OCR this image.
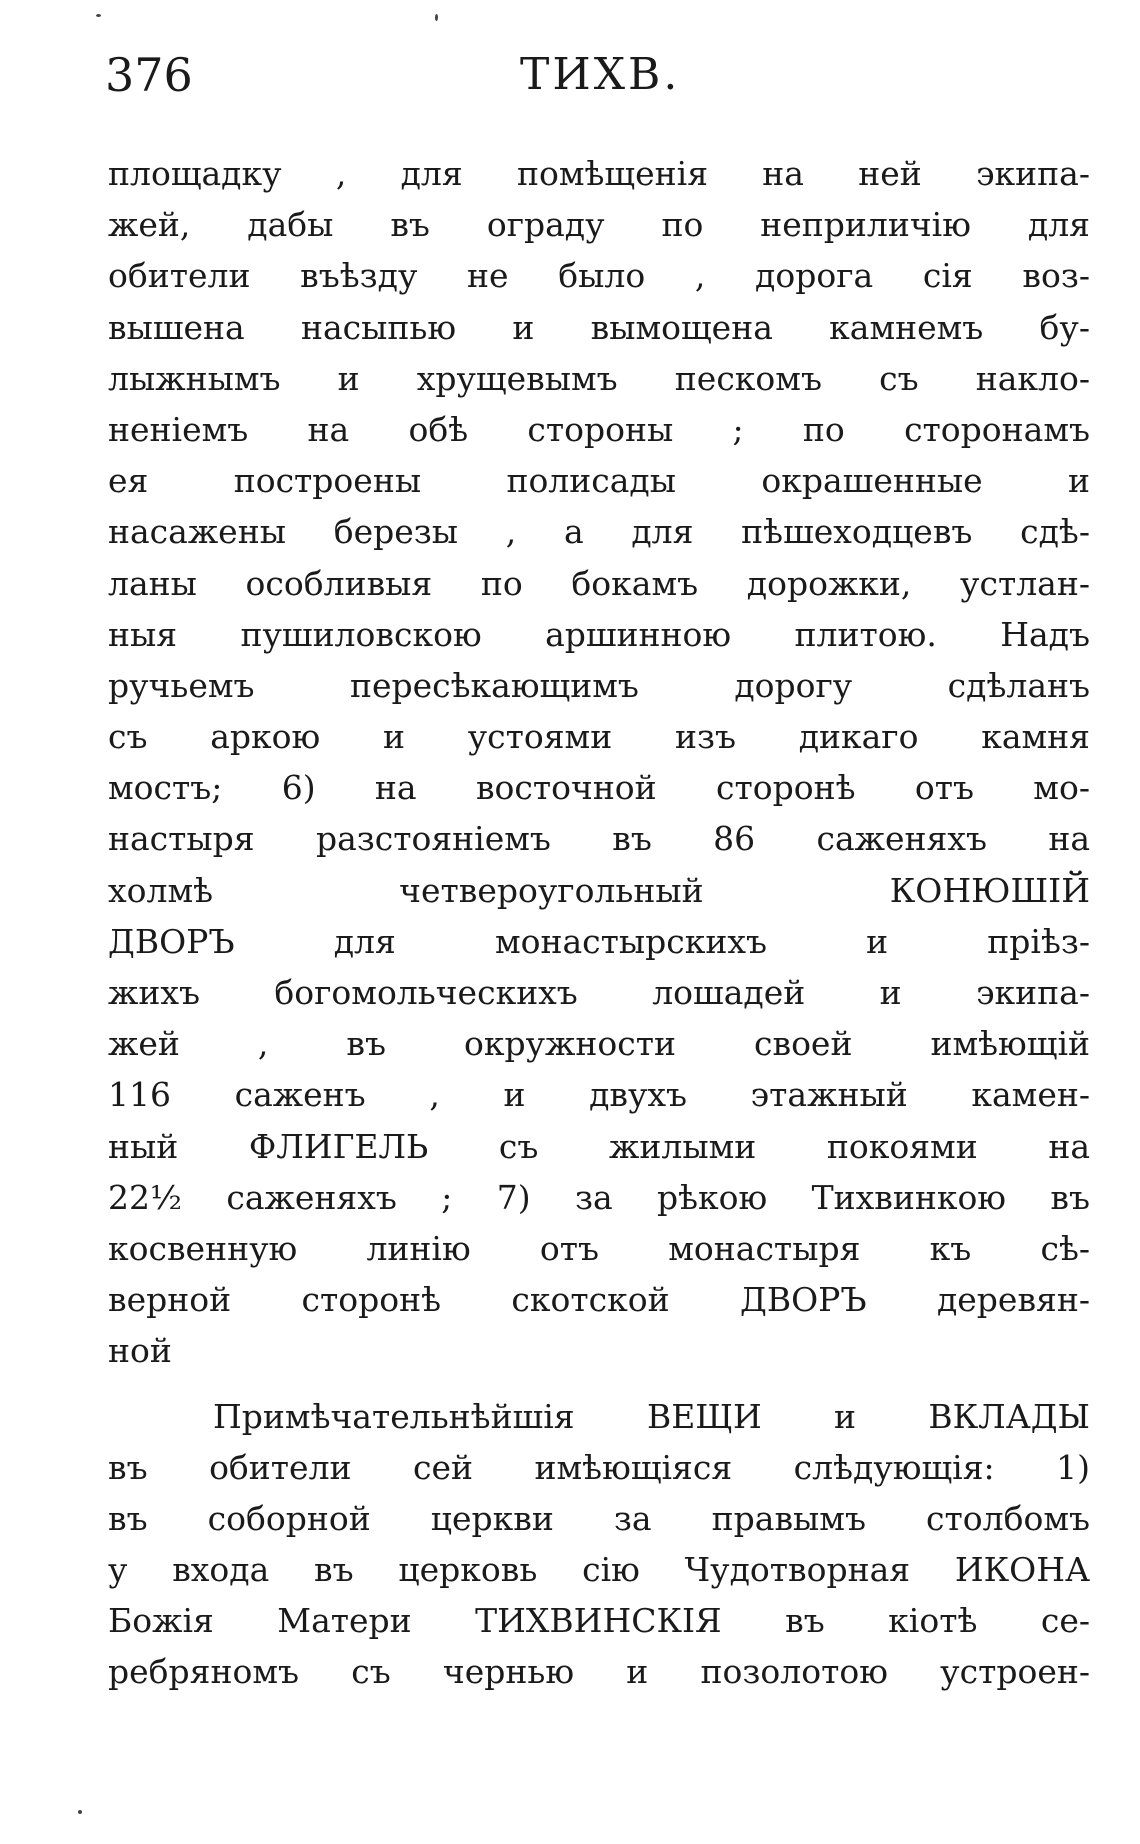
376	ТИХВ.
площадку , для помѣщенія на ней экипа-
жей, дабы въ ограду по неприличію для
обители въѣзду не было , дорога сія воз-
вышена насыпью и вымощена камнемъ бу-
лыжнымъ и хрущевымъ пескомъ съ накло-
неніемъ на обѣ стороны ; по сторонамъ
ея построены полисады окрашенные и
насажены березы , а для пѣшеходцевъ сдѣ-
ланы особливыя по бокамъ дорожки, устлан-
ныя пушиловскою аршинною плитою. Надъ
ручьемъ пересѣкающимъ дорогу сдѣланъ
съ аркою и устоями изъ дикаго камня
мостъ; 6) на восточной сторонѣ отъ мо-
настыря разстояніемъ въ 86 саженяхъ на
холмѣ четвероугольный КОНЮШІЙ
ДВОРЪ для монастырскихъ и пріѣз-
жихъ богомольческихъ лошадей и экипа-
жей , въ окружности своей имѣющій
116 саженъ , и двухъ этажный камен-
ный ФЛИГЕЛЬ съ жилыми покоями на
22½ саженяхъ ; 7) за рѣкою Тихвинкою въ
косвенную линію отъ монастыря къ сѣ-
верной сторонѣ скотской ДВОРЪ деревян-
ной
Примѣчательнѣйшія ВЕЩИ и ВКЛАДЫ
въ обители сей имѣющіяся слѣдующія: 1)
въ соборной церкви за правымъ столбомъ
у входа въ церковь сію Чудотворная ИКОНА
Божія Матери ТИХВИНСКІЯ въ кіотѣ се-
ребряномъ съ чернью и позолотою устроен-
